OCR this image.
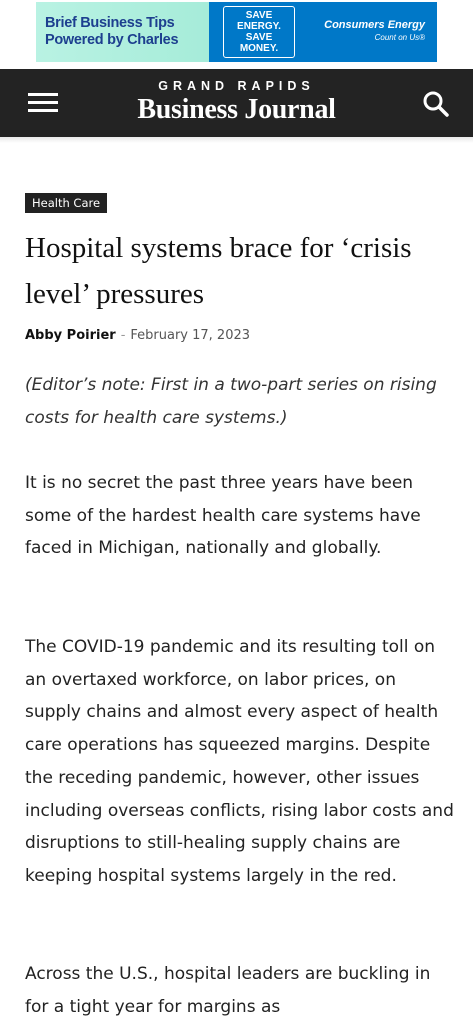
Brief Business Tips
Powered by Charles
SAVE ENERGY.
SAVE MONEY.
Consumers Energy
Count on Us®
GRAND RAPIDS
Business Journal
Health Care
Hospital systems brace for ‘crisis level’ pressures
Abby Poirier - February 17, 2023

(Editor’s note: First in a two-part series on rising costs for health care systems.)

It is no secret the past three years have been some of the hardest health care systems have faced in Michigan, nationally and globally.

The COVID-19 pandemic and its resulting toll on an overtaxed workforce, on labor prices, on supply chains and almost every aspect of health care operations has squeezed margins. Despite the receding pandemic, however, other issues including overseas conflicts, rising labor costs and disruptions to still-healing supply chains are keeping hospital systems largely in the red.

Across the U.S., hospital leaders are buckling in for a tight year for margins as
